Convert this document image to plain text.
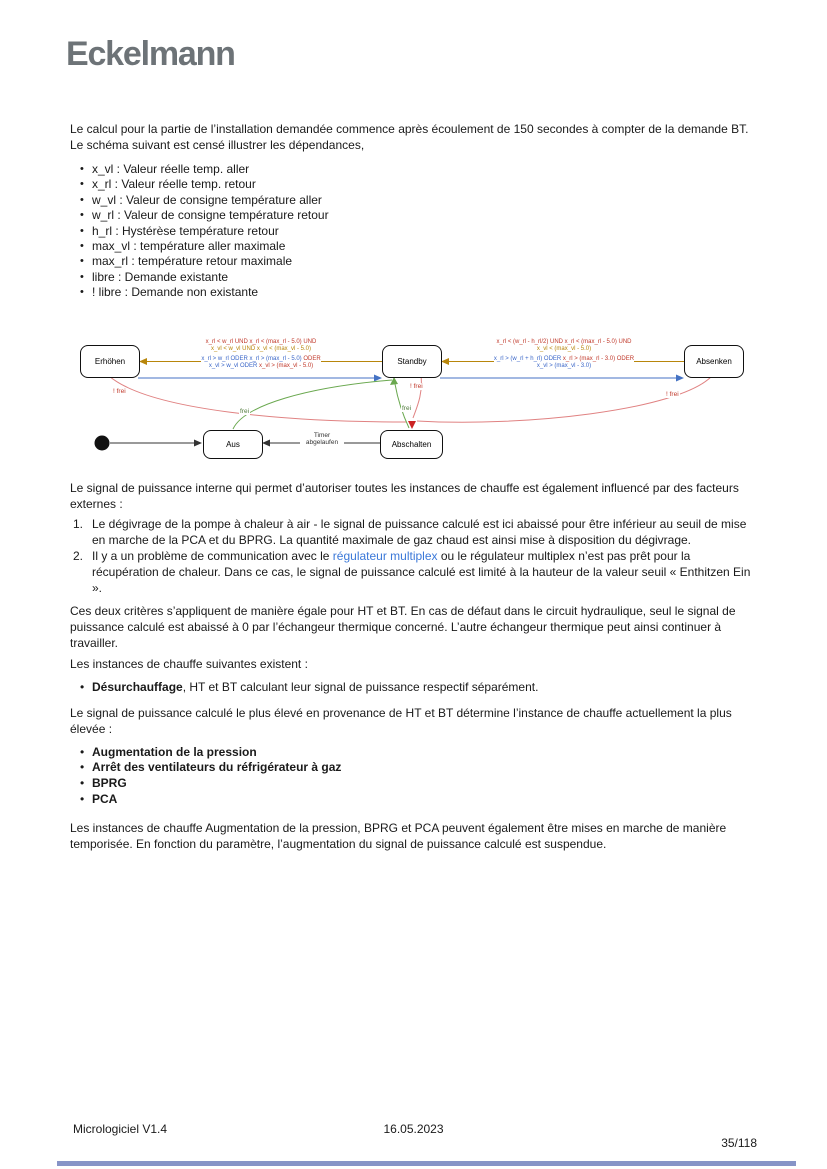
Eckelmann
Le calcul pour la partie de l’installation demandée commence après écoulement de 150 secondes à compter de la demande BT. Le schéma suivant est censé illustrer les dépendances,
• x_vl : Valeur réelle temp. aller
• x_rl : Valeur réelle temp. retour
• w_vl : Valeur de consigne température aller
• w_rl : Valeur de consigne température retour
• h_rl : Hystérèse température retour
• max_vl : température aller maximale
• max_rl : température retour maximale
• libre : Demande existante
• ! libre : Demande non existante
x_rl < w_rl UND x_rl < (max_rl - 5.0) UND
x_vl < w_vl UND x_vl < (max_vl - 5.0)
x_rl > w_rl ODER x_rl > (max_rl - 5.0) ODER
x_vl > w_vl ODER x_vl > (max_vl - 5.0)
x_rl < (w_rl - h_rl/2) UND x_rl < (max_rl - 5.0) UND
x_vl < (max_vl - 5.0)
x_rl > (w_rl + h_rl) ODER x_rl > (max_rl - 3.0) ODER
x_vl > (max_vl - 3.0)
! frei
! frei
! frei
frei	frei
Timer
abgelaufen
Erhöhen	Standby	Absenken
Aus	Abschalten
Le signal de puissance interne qui permet d’autoriser toutes les instances de chauffe est également influencé par des facteurs externes :
1. Le dégivrage de la pompe à chaleur à air - le signal de puissance calculé est ici abaissé pour être inférieur au seuil de mise en marche de la PCA et du BPRG. La quantité maximale de gaz chaud est ainsi mise à disposition du dégivrage.
2. Il y a un problème de communication avec le régulateur multiplex ou le régulateur multiplex n’est pas prêt pour la récupération de chaleur. Dans ce cas, le signal de puissance calculé est limité à la hauteur de la valeur seuil « Enthitzen Ein ».
Ces deux critères s’appliquent de manière égale pour HT et BT. En cas de défaut dans le circuit hydraulique, seul le signal de puissance calculé est abaissé à 0 par l’échangeur thermique concerné. L’autre échangeur thermique peut ainsi continuer à travailler.
Les instances de chauffe suivantes existent :
• Désurchauffage, HT et BT calculant leur signal de puissance respectif séparément.
Le signal de puissance calculé le plus élevé en provenance de HT et BT détermine l’instance de chauffe actuellement la plus élevée :
• Augmentation de la pression
• Arrêt des ventilateurs du réfrigérateur à gaz
• BPRG
• PCA
Les instances de chauffe Augmentation de la pression, BPRG et PCA peuvent également être mises en marche de manière temporisée. En fonction du paramètre, l’augmentation du signal de puissance calculé est suspendue.
Micrologiciel V1.4	16.05.2023
35/118
